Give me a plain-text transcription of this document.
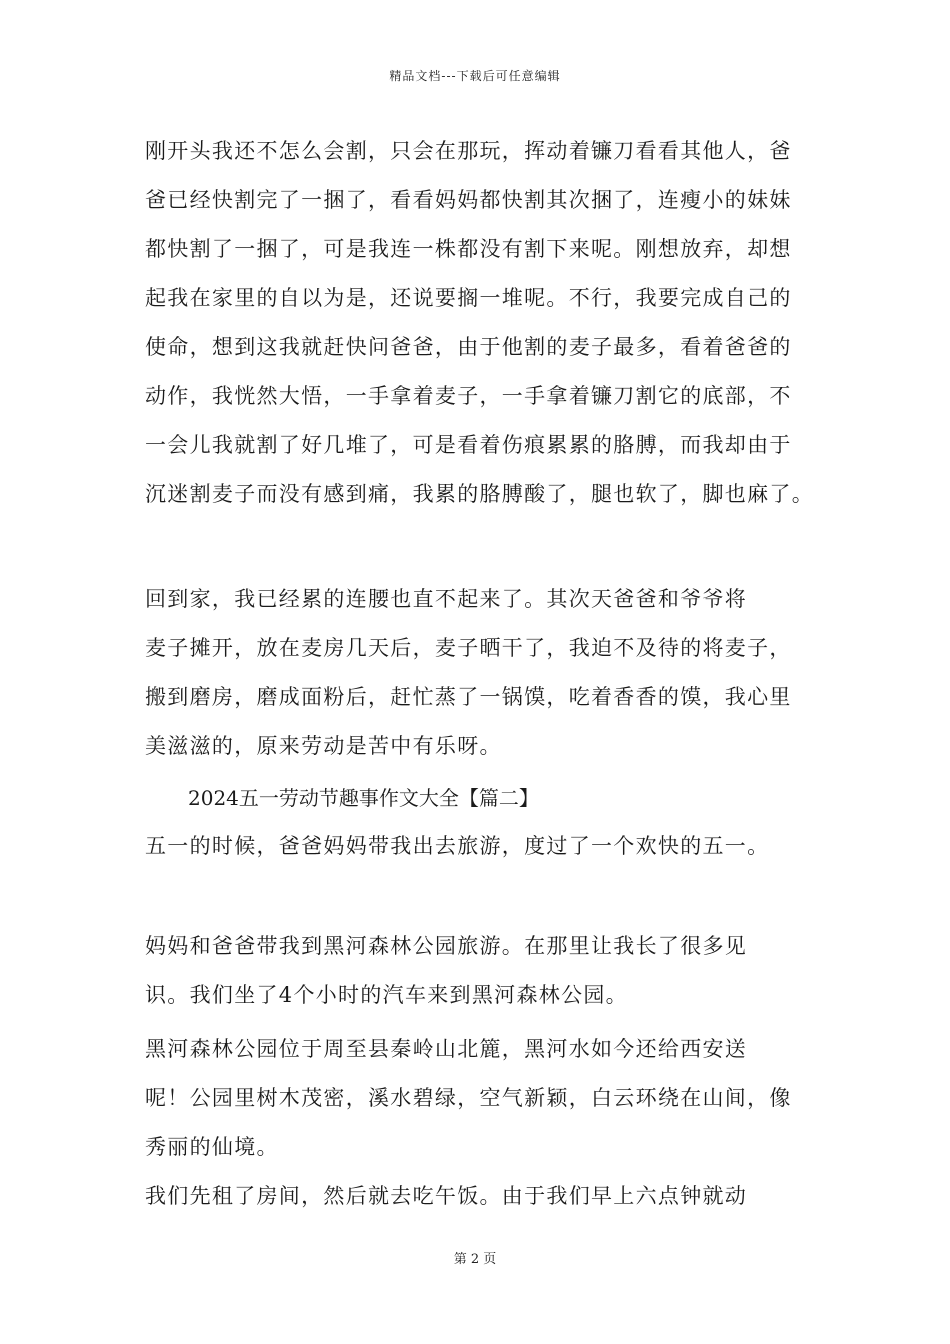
精品文档---下载后可任意编辑
刚开头我还不怎么会割，只会在那玩，挥动着镰刀看看其他人，爸
爸已经快割完了一捆了，看看妈妈都快割其次捆了，连瘦小的妹妹
都快割了一捆了，可是我连一株都没有割下来呢。刚想放弃，却想
起我在家里的自以为是，还说要搁一堆呢。不行，我要完成自己的
使命，想到这我就赶快问爸爸，由于他割的麦子最多，看着爸爸的
动作，我恍然大悟，一手拿着麦子，一手拿着镰刀割它的底部，不
一会儿我就割了好几堆了，可是看着伤痕累累的胳膊，而我却由于
沉迷割麦子而没有感到痛，我累的胳膊酸了，腿也软了，脚也麻了。
回到家，我已经累的连腰也直不起来了。其次天爸爸和爷爷将
麦子摊开，放在麦房几天后，麦子晒干了，我迫不及待的将麦子，
搬到磨房，磨成面粉后，赶忙蒸了一锅馍，吃着香香的馍，我心里
美滋滋的，原来劳动是苦中有乐呀。
2024五一劳动节趣事作文大全【篇二】
五一的时候，爸爸妈妈带我出去旅游，度过了一个欢快的五一。
妈妈和爸爸带我到黑河森林公园旅游。在那里让我长了很多见
识。我们坐了4个小时的汽车来到黑河森林公园。
黑河森林公园位于周至县秦岭山北簏，黑河水如今还给西安送
呢！公园里树木茂密，溪水碧绿，空气新颖，白云环绕在山间，像
秀丽的仙境。
我们先租了房间，然后就去吃午饭。由于我们早上六点钟就动
第 2 页
